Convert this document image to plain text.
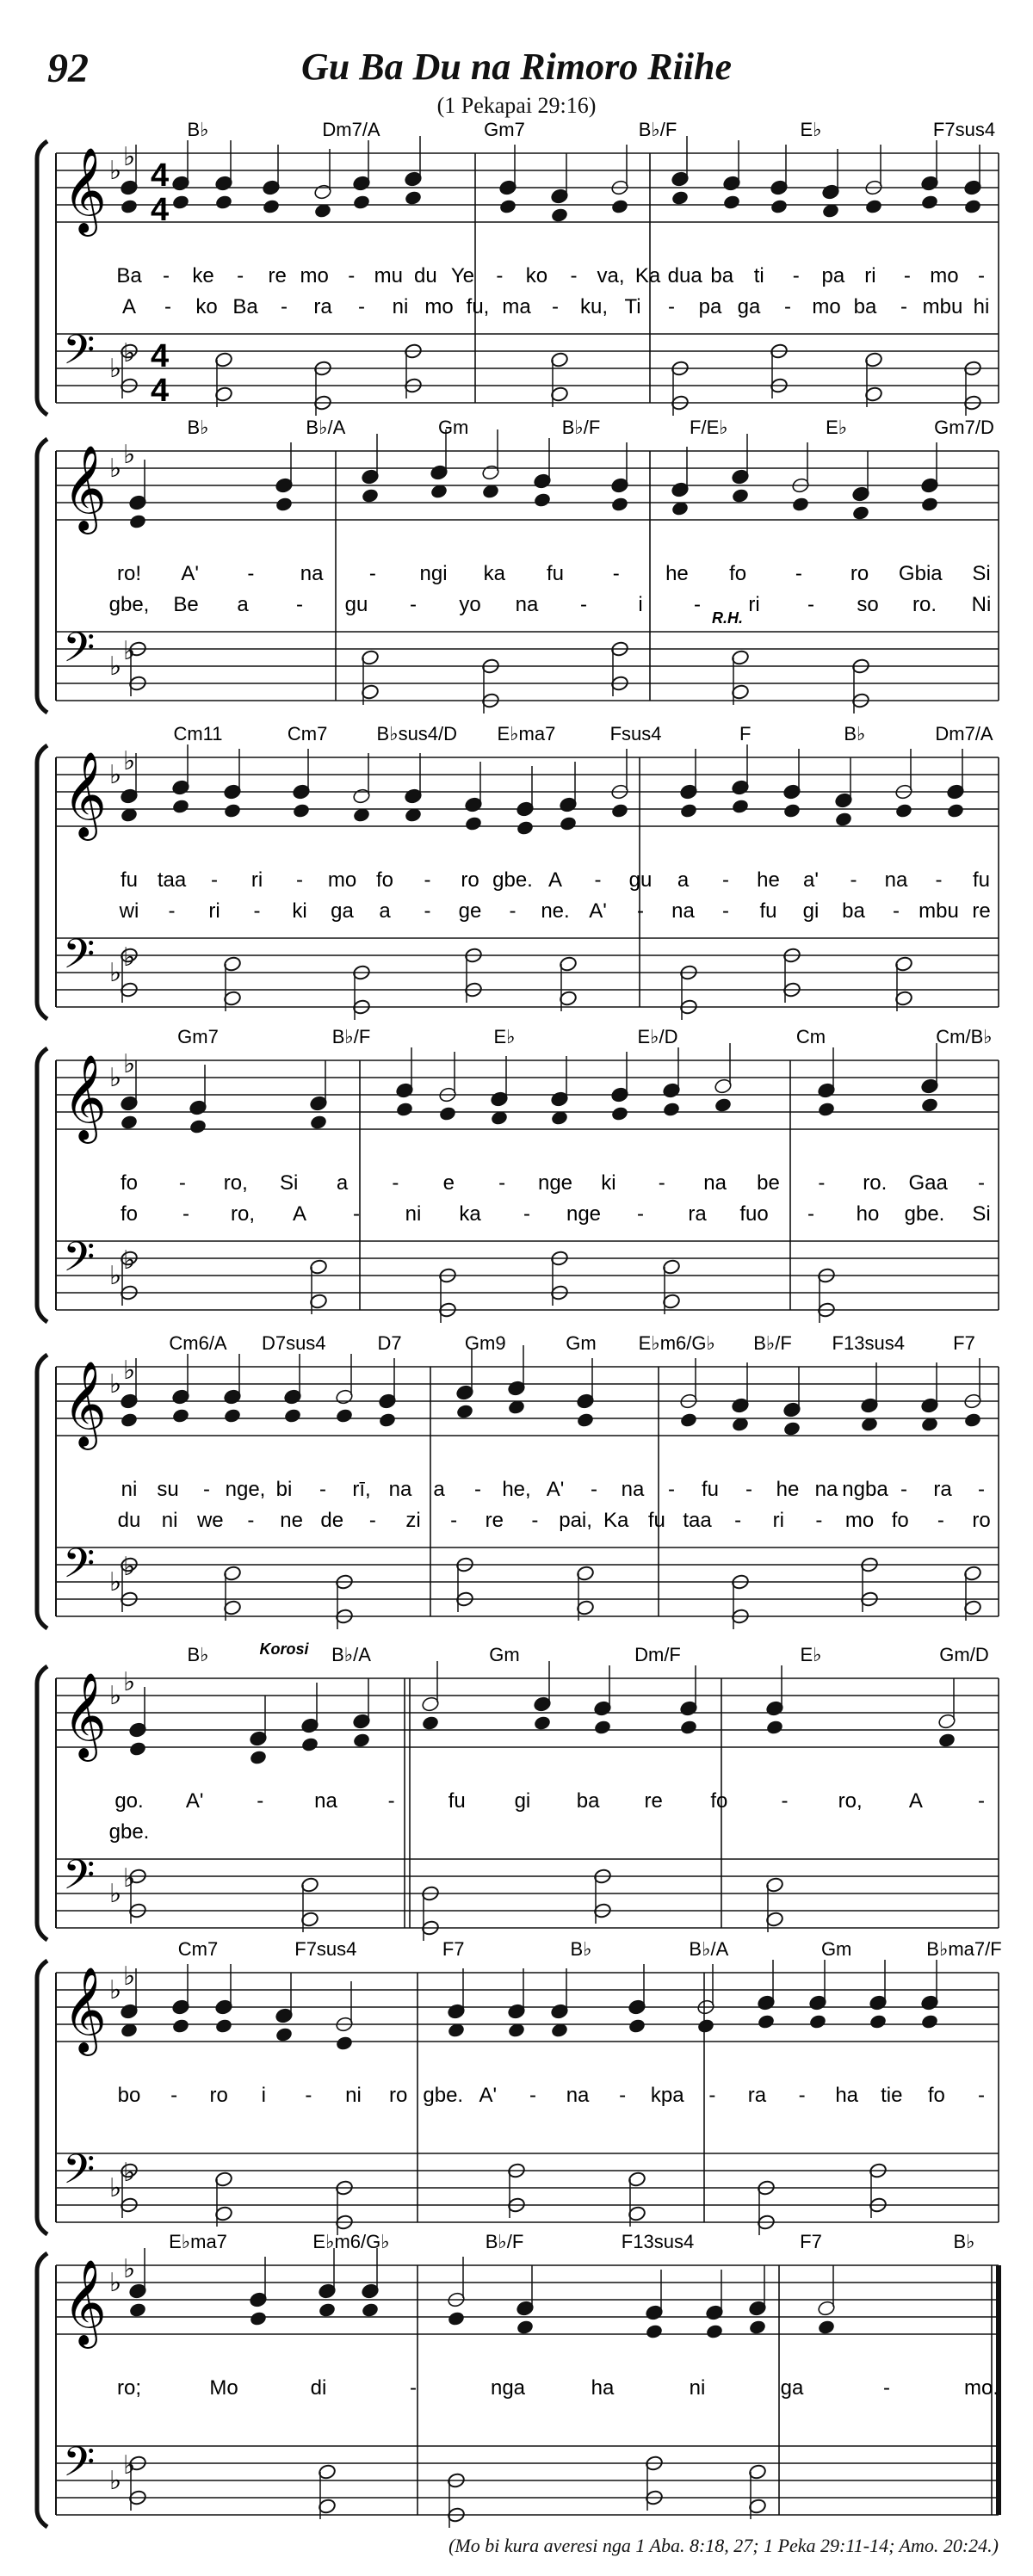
92	Gu Ba Du na Rimoro Riihe
(1 Pekapai 29:16)
𝄞 ♭ ♭
4
4
𝄢 ♭
♭ 4
4
B♭	Dm7/A	Gm7	B♭/F	E♭	F7sus4
Ba - ke - re mo - mu du Ye - ko - va, Ka dua ba ti - pa ri - mo -
A - ko Ba - ra - ni mo fu, ma - ku, Ti - pa ga - mo ba - mbu hi
𝄞 ♭ ♭
𝄢 ♭
♭
B♭	B♭/A	Gm	B♭/F	F/E♭	E♭	Gm7/D
ro! A' - na - ngi ka fu - he fo - ro Gbia Si
gbe, Be a - gu - yo na - i - ri - so ro. Ni
R.H.
𝄞 ♭ ♭
𝄢 ♭
♭
Cm11	Cm7	B♭sus4/D E♭ma7	Fsus4	F	B♭	Dm7/A
fu taa - ri - mo fo - ro gbe. A - gu a - he a' - na - fu
wi - ri - ki ga a - ge - ne. A' - na - fu gi ba - mbu re
𝄞 ♭ ♭
𝄢 ♭
♭
Gm7	B♭/F	E♭	E♭/D	Cm	Cm/B♭
fo - ro, Si a - e - nge ki - na be - ro. Gaa -
fo - ro, A - ni ka - nge - ra fuo - ho gbe. Si
𝄞 ♭ ♭
𝄢 ♭
♭
Cm6/A D7sus4	D7	Gm9	Gm E♭m6/G♭ B♭/F F13sus4	F7
ni su - nge, bi - rī, na a - he, A' - na - fu - he na ngba - ra -
du ni we - ne de - zi - re - pai, Ka fu taa - ri - mo fo - ro
𝄞 ♭ ♭
𝄢 ♭
♭
B♭	B♭/A	Gm	Dm/F	E♭	Gm/D
go. A'	- na -	fu gi ba re fo	- ro, A	-
gbe.
Korosi
𝄞 ♭ ♭
𝄢 ♭
♭
Cm7	F7sus4	F7	B♭	B♭/A	Gm	B♭ma7/F
bo - ro i - ni ro gbe. A' - na - kpa - ra - ha tie fo -
𝄞 ♭ ♭
𝄢 ♭
♭
E♭ma7	E♭m6/G♭	B♭/F	F13sus4	F7	B♭
ro;	Mo	di	-	nga	ha	ni	ga	-	mo.
(Mo bi kura averesi nga 1 Aba. 8:18, 27; 1 Peka 29:11-14; Amo. 20:24.)
